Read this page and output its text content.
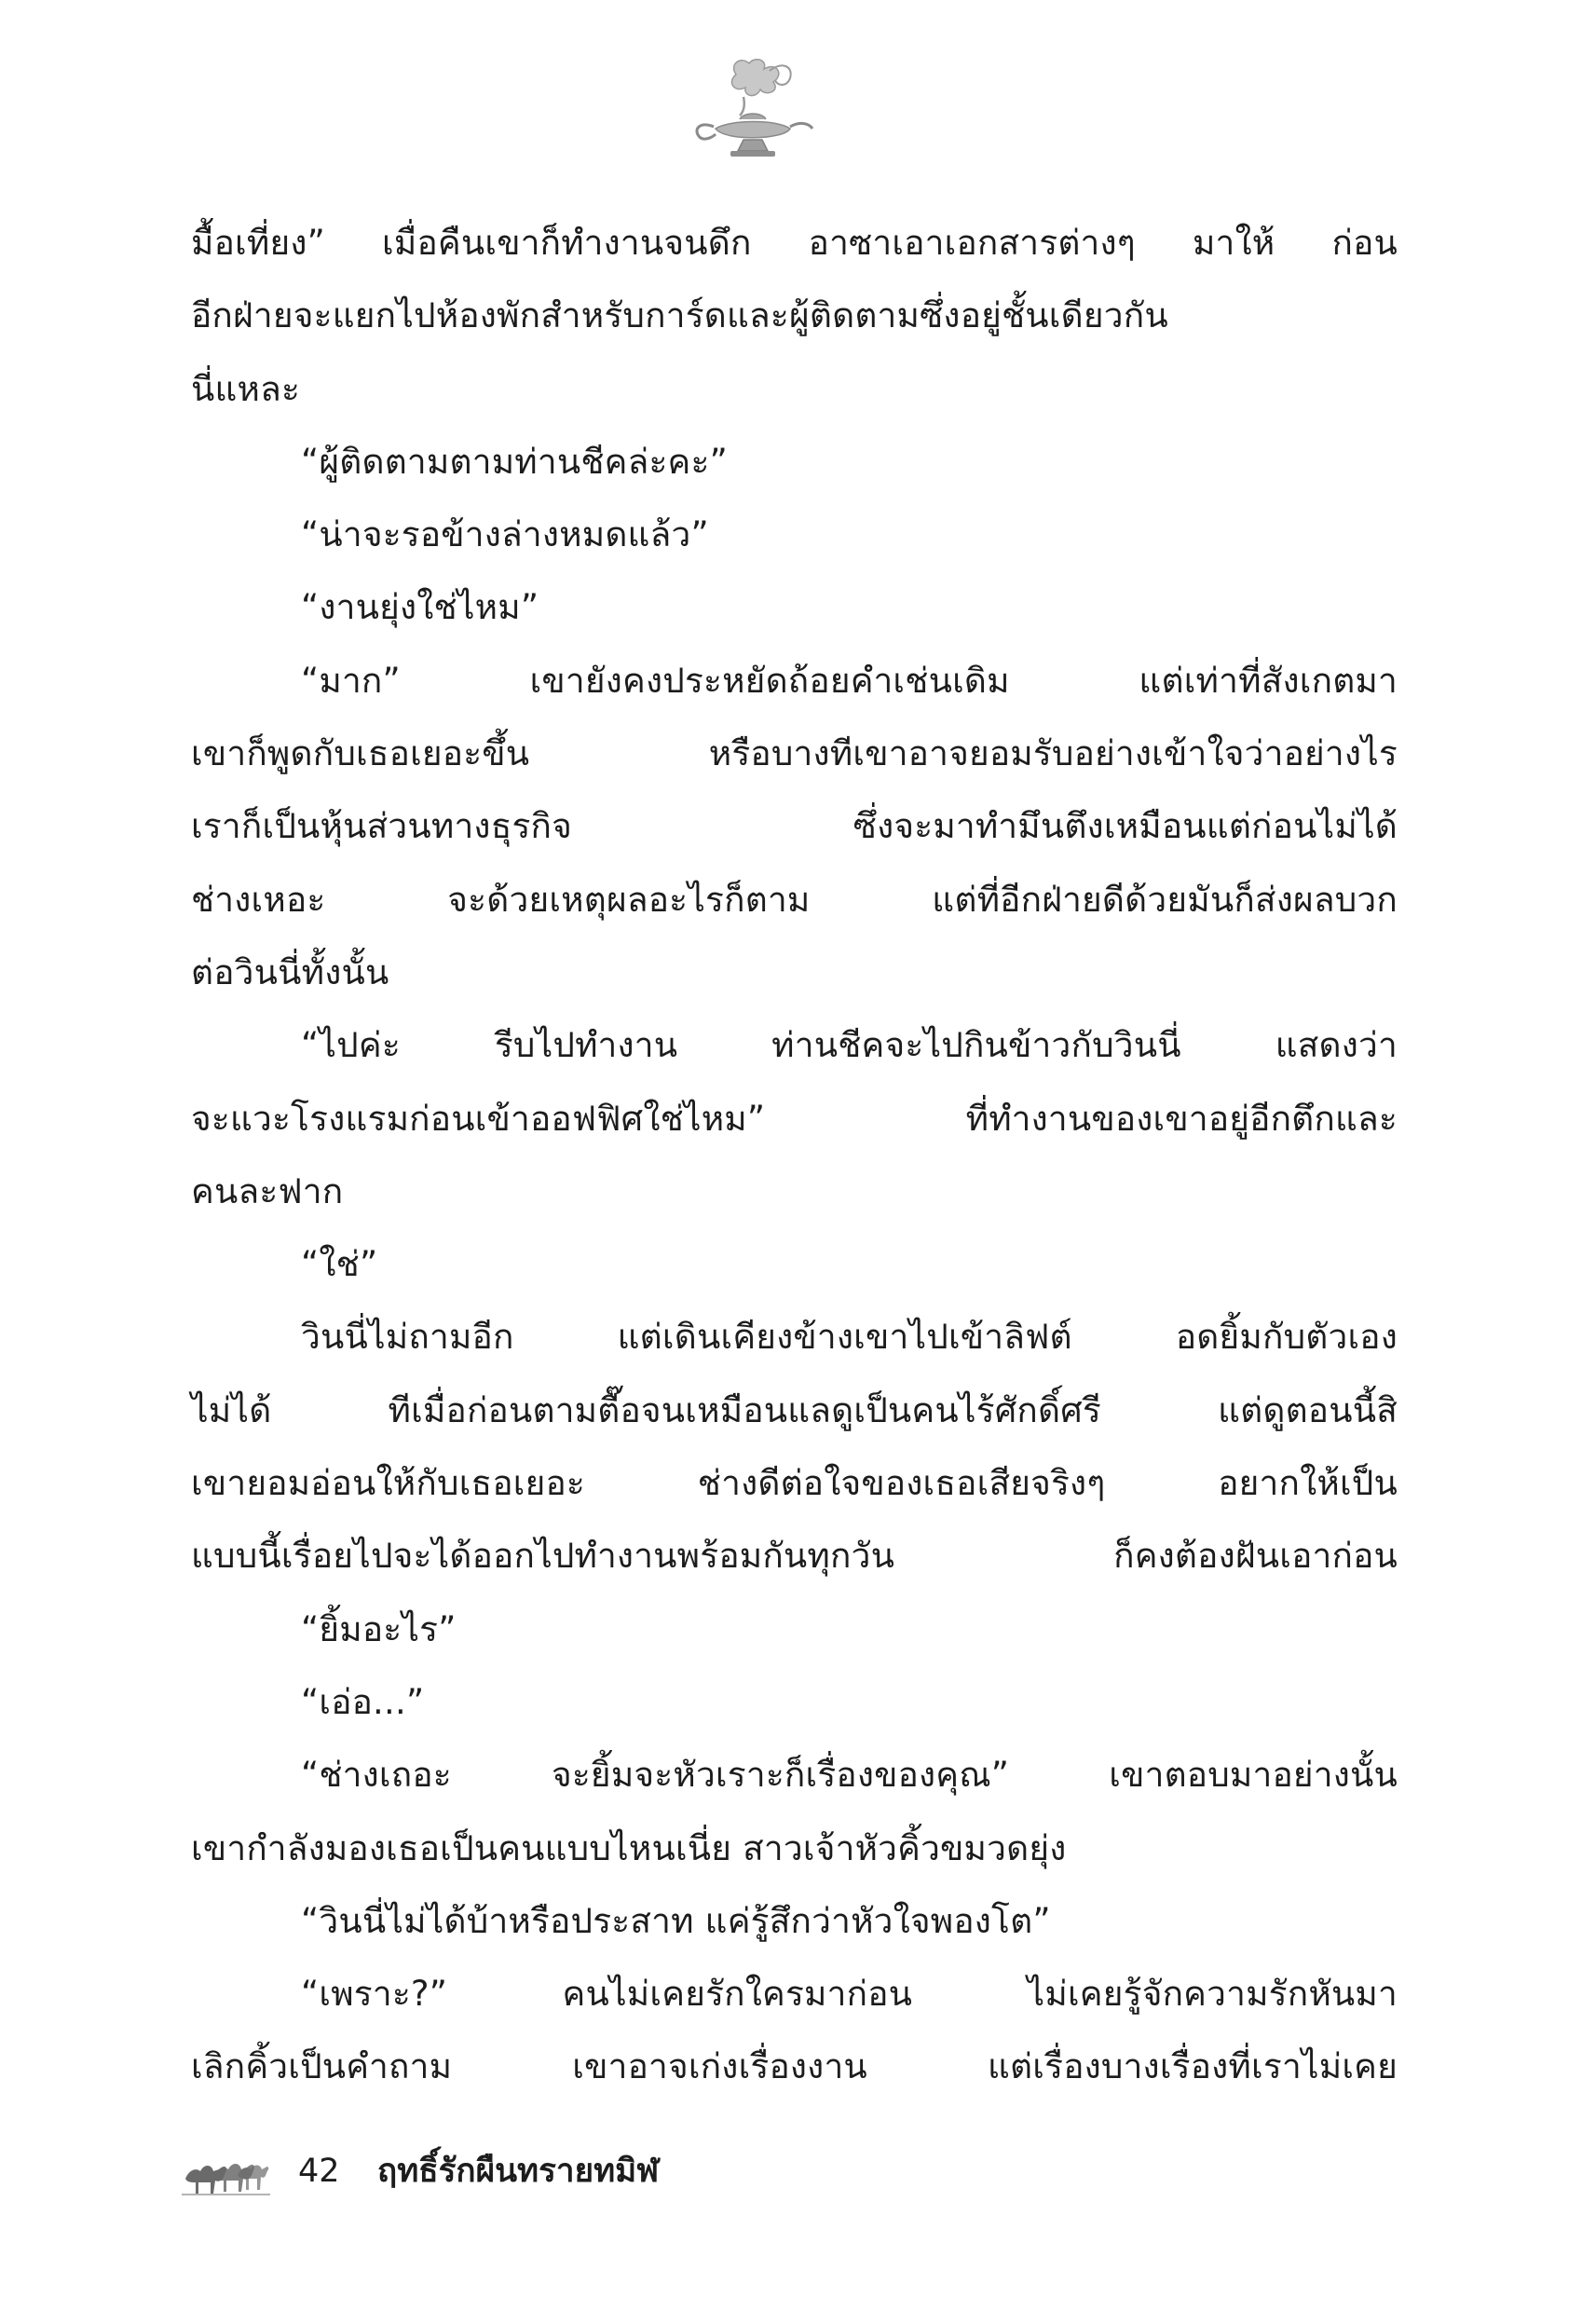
มื้อเที่ยง” เมื่อคืนเขาก็ทำงานจนดึก อาซาเอาเอกสารต่างๆ มาให้ ก่อน
อีกฝ่ายจะแยกไปห้องพักสำหรับการ์ดและผู้ติดตามซึ่งอยู่ชั้นเดียวกัน
นี่แหละ
“ผู้ติดตามตามท่านชีคล่ะคะ”
“น่าจะรอข้างล่างหมดแล้ว”
“งานยุ่งใช่ไหม”
“มาก” เขายังคงประหยัดถ้อยคำเช่นเดิม แต่เท่าที่สังเกตมา
เขาก็พูดกับเธอเยอะขึ้น หรือบางทีเขาอาจยอมรับอย่างเข้าใจว่าอย่างไร
เราก็เป็นหุ้นส่วนทางธุรกิจ ซึ่งจะมาทำมึนตึงเหมือนแต่ก่อนไม่ได้
ช่างเหอะ จะด้วยเหตุผลอะไรก็ตาม แต่ที่อีกฝ่ายดีด้วยมันก็ส่งผลบวก
ต่อวินนี่ทั้งนั้น
“ไปค่ะ รีบไปทำงาน ท่านชีคจะไปกินข้าวกับวินนี่ แสดงว่า
จะแวะโรงแรมก่อนเข้าออฟฟิศใช่ไหม” ที่ทำงานของเขาอยู่อีกตึกและ
คนละฟาก
“ใช่”
วินนี่ไม่ถามอีก แต่เดินเคียงข้างเขาไปเข้าลิฟต์ อดยิ้มกับตัวเอง
ไม่ได้ ทีเมื่อก่อนตามตื๊อจนเหมือนแลดูเป็นคนไร้ศักดิ์ศรี แต่ดูตอนนี้สิ
เขายอมอ่อนให้กับเธอเยอะ ช่างดีต่อใจของเธอเสียจริงๆ อยากให้เป็น
แบบนี้เรื่อยไปจะได้ออกไปทำงานพร้อมกันทุกวัน ก็คงต้องฝันเอาก่อน
“ยิ้มอะไร”
“เอ่อ...”
“ช่างเถอะ จะยิ้มจะหัวเราะก็เรื่องของคุณ” เขาตอบมาอย่างนั้น
เขากำลังมองเธอเป็นคนแบบไหนเนี่ย สาวเจ้าหัวคิ้วขมวดยุ่ง
“วินนี่ไม่ได้บ้าหรือประสาท แค่รู้สึกว่าหัวใจพองโต”
“เพราะ?” คนไม่เคยรักใครมาก่อน ไม่เคยรู้จักความรักหันมา
เลิกคิ้วเป็นคำถาม เขาอาจเก่งเรื่องงาน แต่เรื่องบางเรื่องที่เราไม่เคย
42 ฤทธิ์รักผืนทรายทมิฬ
